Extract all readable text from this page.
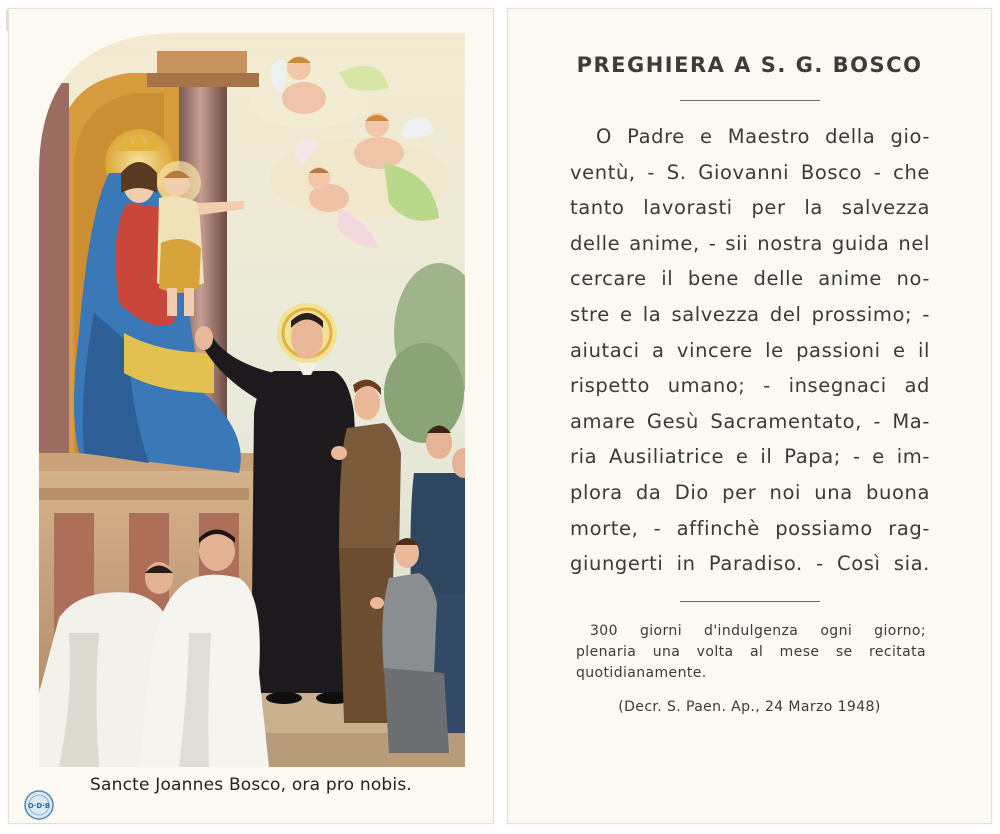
Sancte Joannes Bosco, ora pro nobis.
O·D·B
PREGHIERA A S. G. BOSCO
O Padre e Maestro della gio-
ventù, - S. Giovanni Bosco - che
tanto lavorasti per la salvezza
delle anime, - sii nostra guida nel
cercare il bene delle anime no-
stre e la salvezza del prossimo; -
aiutaci a vincere le passioni e il
rispetto umano; - insegnaci ad
amare Gesù Sacramentato, - Ma-
ria Ausiliatrice e il Papa; - e im-
plora da Dio per noi una buona
morte, - affinchè possiamo rag-
giungerti in Paradiso. - Così sia.
300 giorni d'indulgenza ogni giorno;
plenaria una volta al mese se recitata
quotidianamente.
(Decr. S. Paen. Ap., 24 Marzo 1948)
